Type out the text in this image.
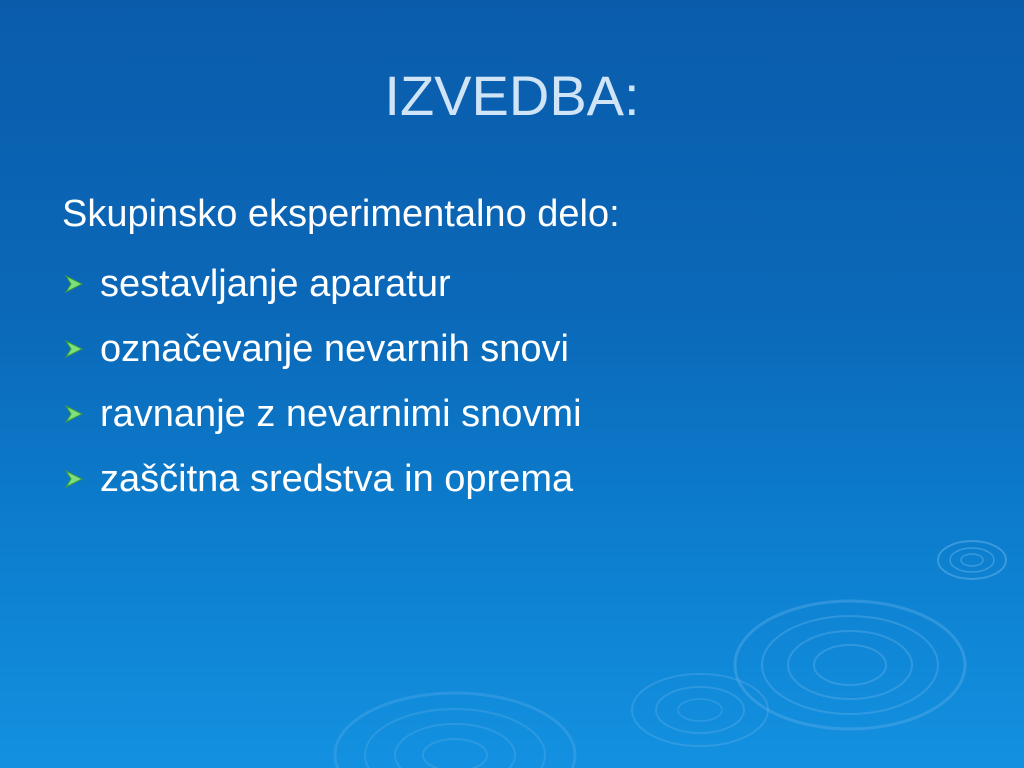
IZVEDBA:
Skupinsko eksperimentalno delo:
sestavljanje aparatur
označevanje nevarnih snovi
ravnanje z nevarnimi snovmi
zaščitna sredstva in oprema
